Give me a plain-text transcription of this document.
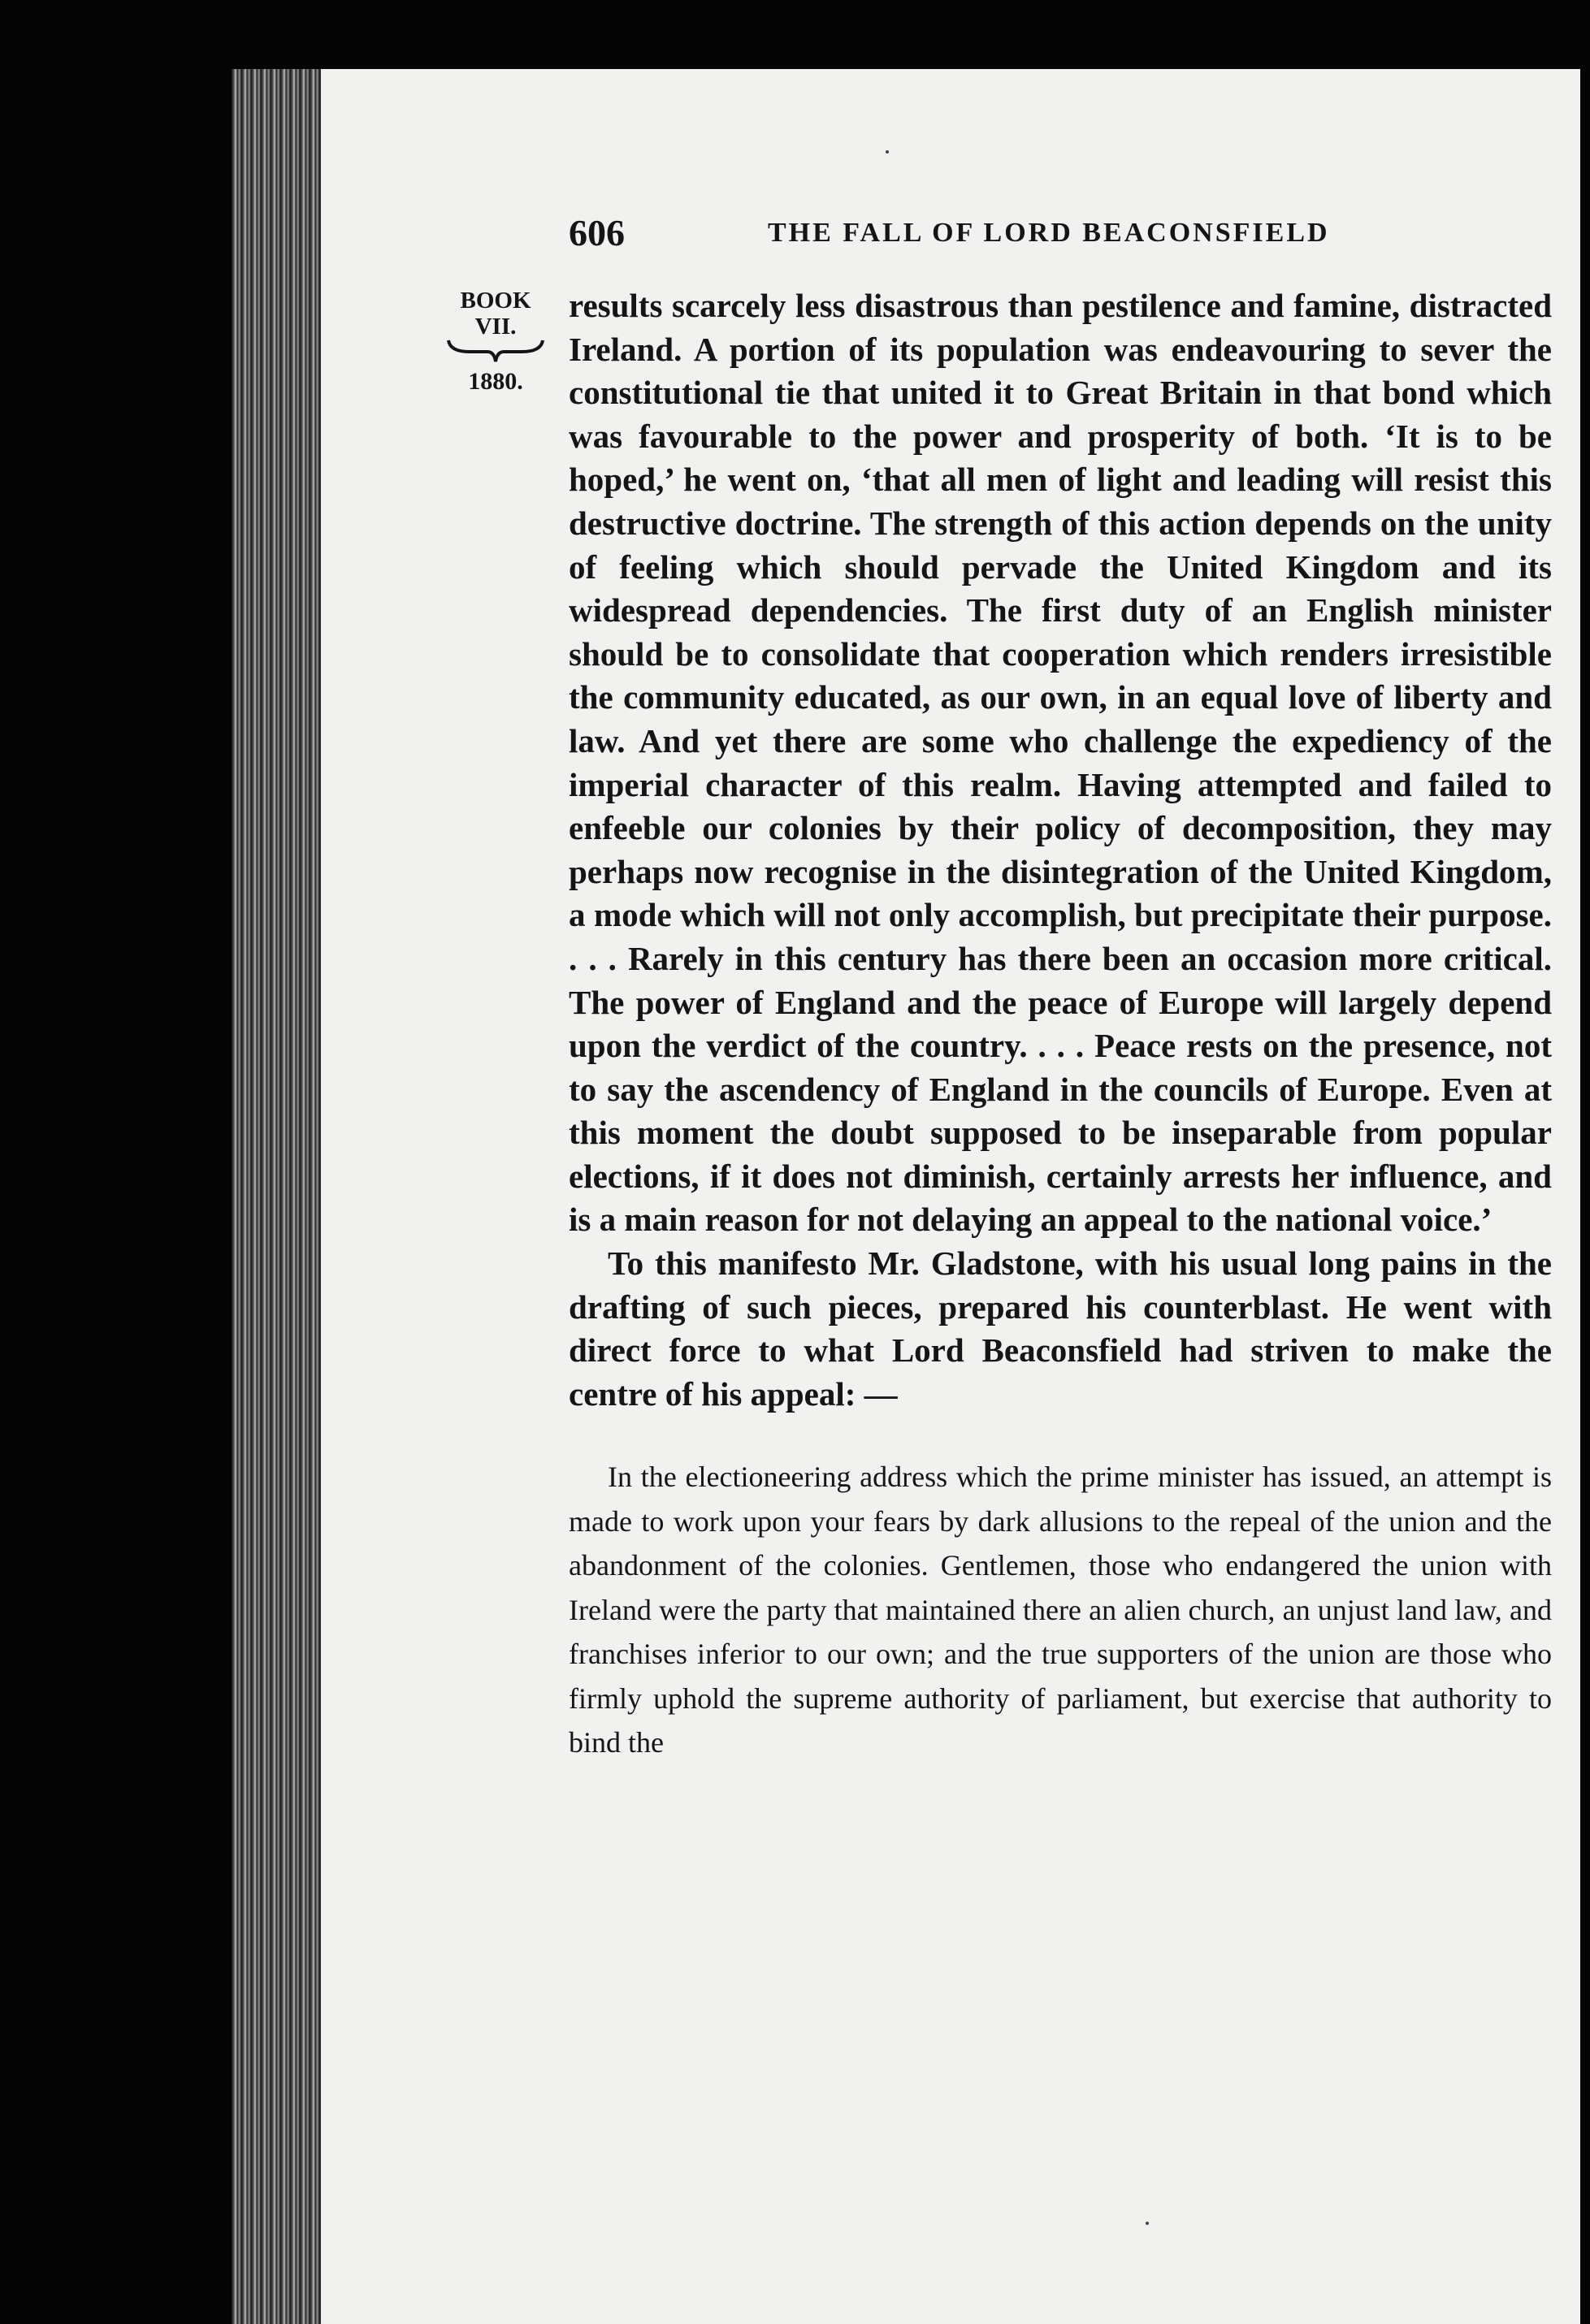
606	THE FALL OF LORD BEACONSFIELD
BOOK
VII.
1880.

results scarcely less disastrous than pestilence and famine, distracted Ireland. A portion of its population was endeavouring to sever the constitutional tie that united it to Great Britain in that bond which was favourable to the power and prosperity of both. ‘It is to be hoped,’ he went on, ‘that all men of light and leading will resist this destructive doctrine. The strength of this action depends on the unity of feeling which should pervade the United Kingdom and its widespread dependencies. The first duty of an English minister should be to consolidate that cooperation which renders irresistible the community educated, as our own, in an equal love of liberty and law. And yet there are some who challenge the expediency of the imperial character of this realm. Having attempted and failed to enfeeble our colonies by their policy of decomposition, they may perhaps now recognise in the disintegration of the United Kingdom, a mode which will not only accomplish, but precipitate their purpose. . . . Rarely in this century has there been an occasion more critical. The power of England and the peace of Europe will largely depend upon the verdict of the country. . . . Peace rests on the presence, not to say the ascendency of England in the councils of Europe. Even at this moment the doubt supposed to be inseparable from popular elections, if it does not diminish, certainly arrests her influence, and is a main reason for not delaying an appeal to the national voice.’

To this manifesto Mr. Gladstone, with his usual long pains in the drafting of such pieces, prepared his counterblast. He went with direct force to what Lord Beaconsfield had striven to make the centre of his appeal: —

In the electioneering address which the prime minister has issued, an attempt is made to work upon your fears by dark allusions to the repeal of the union and the abandonment of the colonies. Gentlemen, those who endangered the union with Ireland were the party that maintained there an alien church, an unjust land law, and franchises inferior to our own; and the true supporters of the union are those who firmly uphold the supreme authority of parliament, but exercise that authority to bind the
